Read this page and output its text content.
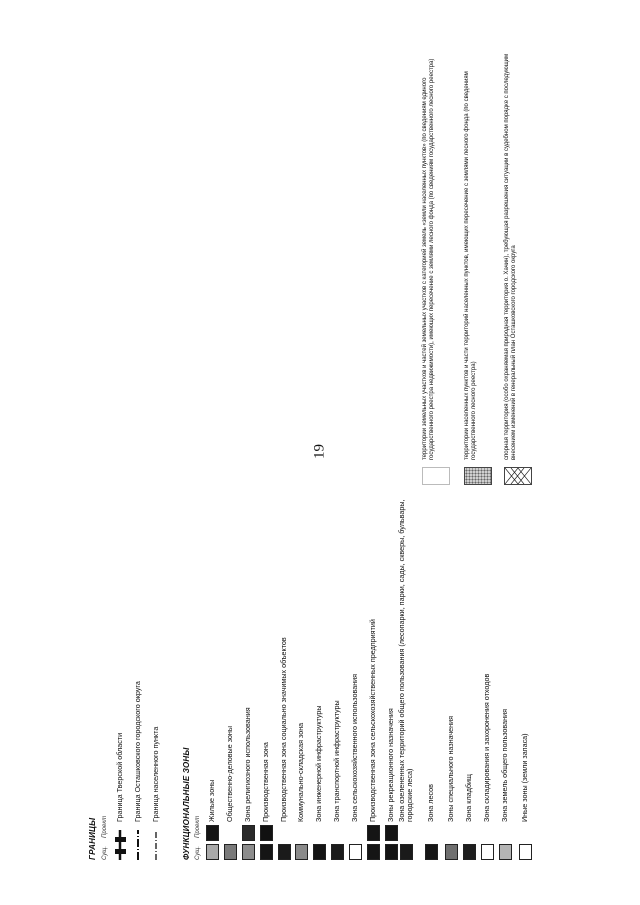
19
ГРАНИЦЫ Сущ.
Проект
Граница Тверской области Граница Осташковского городского округа Граница населенного пункта	ФУНКЦИОНАЛЬНЫЕ ЗОНЫ Сущ.
Проект
Жилые зоны Общественно-деловые зоны Зона религиозного использования Производственная зона Производственная зона социально значимых объектов Коммунально-складская зона Зона инженерной инфраструктуры Зона транспортной инфраструктуры Зона сельскохозяйственного использования Производственная зона сельскохозяйственных предприятий Зоны рекреационного назначения Зона озелененных территорий общего пользования (лесопарки, парки, сады, скверы, бульвары, городские леса) Зона лесов Зоны специального назначения Зона кладбищ Зона складирования и захоронения отходов Зона земель общего пользования Иные зоны (земли запаса)
территории земельных участков и частей земельных участков с категорией земель «земли населенных пунктов» (по сведениям единого государственного реестра недвижимости), имеющих пересечение с землями лесного фонда (по сведениям государственного лесного реестра)	территории населенных пунктов и части территорий населенных пунктов, имеющих пересечение с землями лесного фонда (по сведениям государственного лесного реестра)	спорная территория (особо охраняемая природная территория о. Хачин), требующая разрешения ситуации в судебном порядке с последующим внесением изменений в генеральный план Осташковского городского округа
